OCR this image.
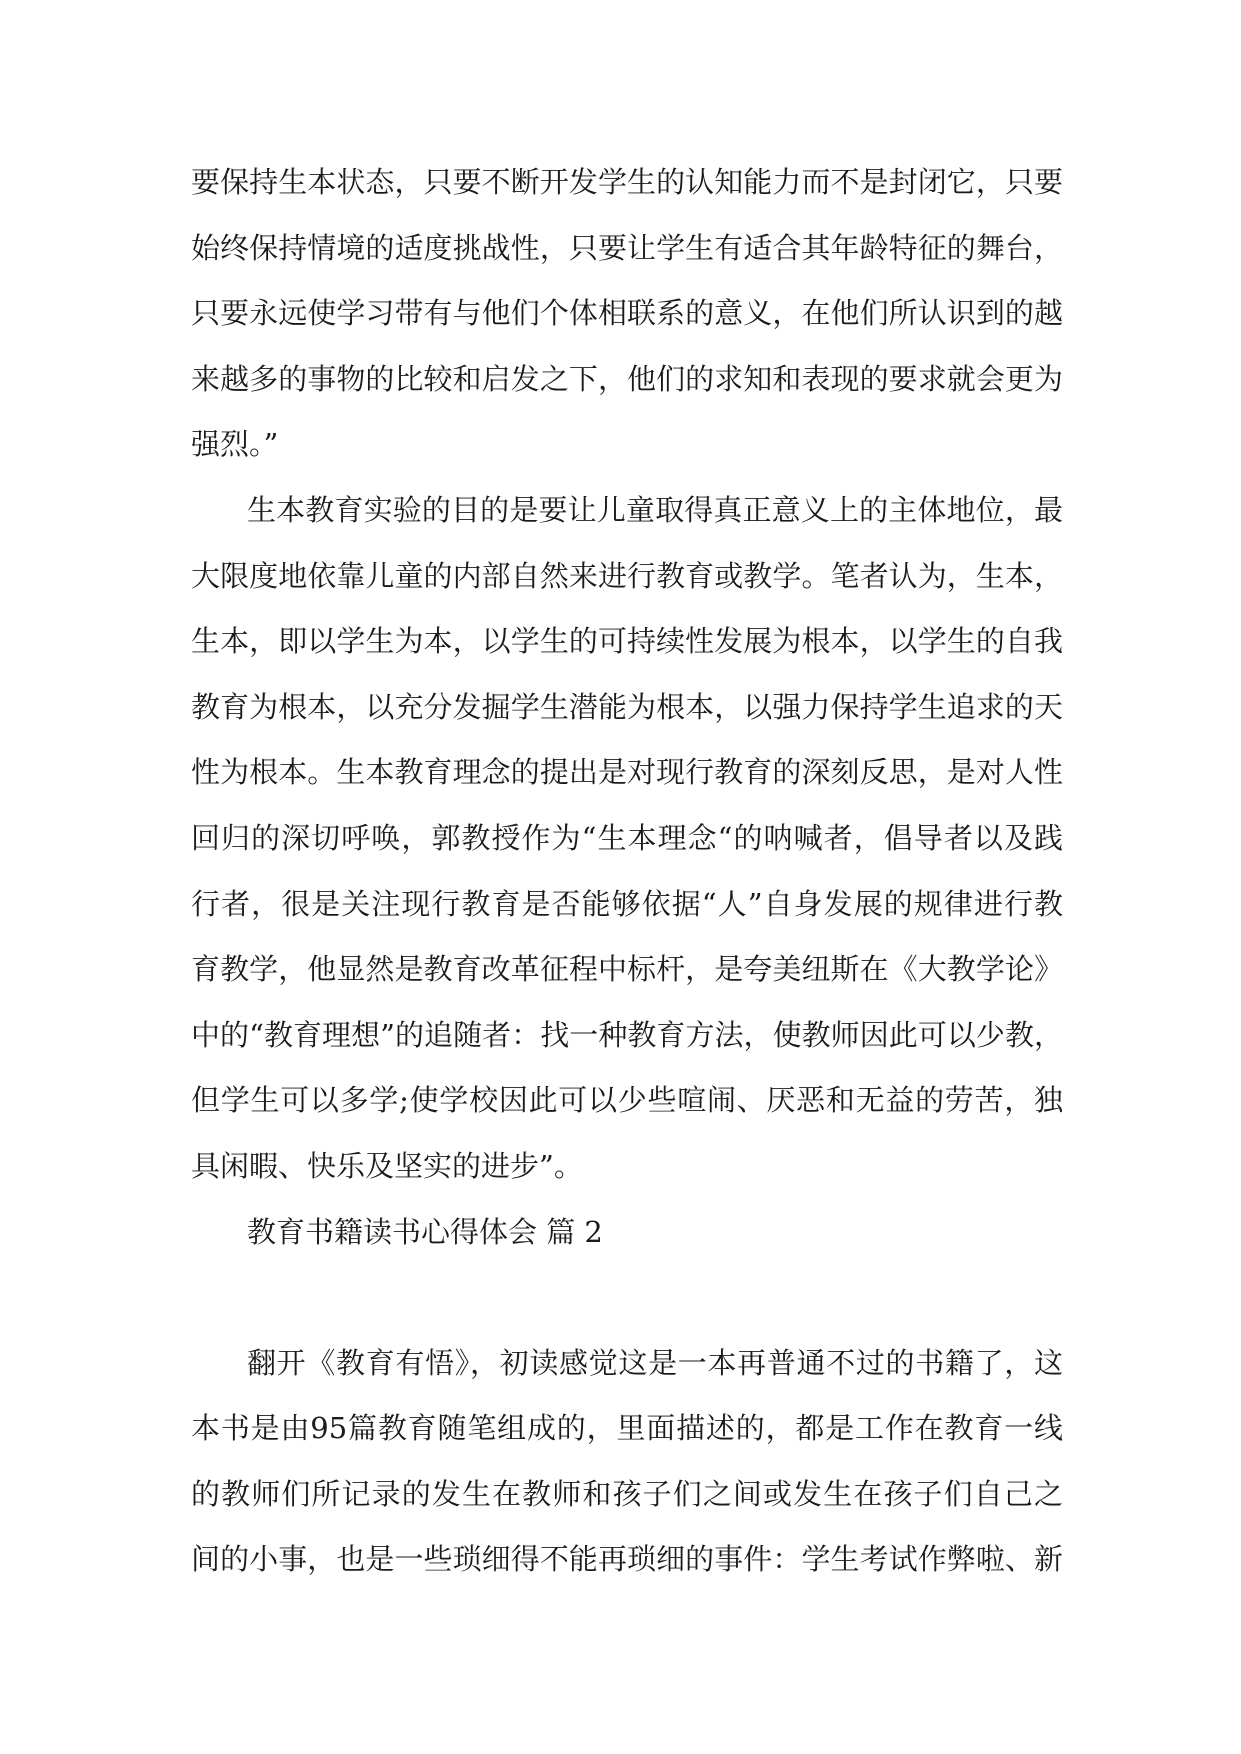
要保持生本状态，只要不断开发学生的认知能力而不是封闭它，只要
始终保持情境的适度挑战性，只要让学生有适合其年龄特征的舞台，
只要永远使学习带有与他们个体相联系的意义，在他们所认识到的越
来越多的事物的比较和启发之下，他们的求知和表现的要求就会更为
强烈。”
生本教育实验的目的是要让儿童取得真正意义上的主体地位，最
大限度地依靠儿童的内部自然来进行教育或教学。笔者认为，生本，
生本，即以学生为本，以学生的可持续性发展为根本，以学生的自我
教育为根本，以充分发掘学生潜能为根本，以强力保持学生追求的天
性为根本。生本教育理念的提出是对现行教育的深刻反思，是对人性
回归的深切呼唤，郭教授作为“生本理念“的呐喊者，倡导者以及践
行者，很是关注现行教育是否能够依据“人”自身发展的规律进行教
育教学，他显然是教育改革征程中标杆，是夸美纽斯在《大教学论》
中的“教育理想”的追随者：找一种教育方法，使教师因此可以少教，
但学生可以多学;使学校因此可以少些喧闹、厌恶和无益的劳苦，独
具闲暇、快乐及坚实的进步”。
教育书籍读书心得体会 篇 2
翻开《教育有悟》，初读感觉这是一本再普通不过的书籍了，这
本书是由95篇教育随笔组成的，里面描述的，都是工作在教育一线
的教师们所记录的发生在教师和孩子们之间或发生在孩子们自己之
间的小事，也是一些琐细得不能再琐细的事件：学生考试作弊啦、新
